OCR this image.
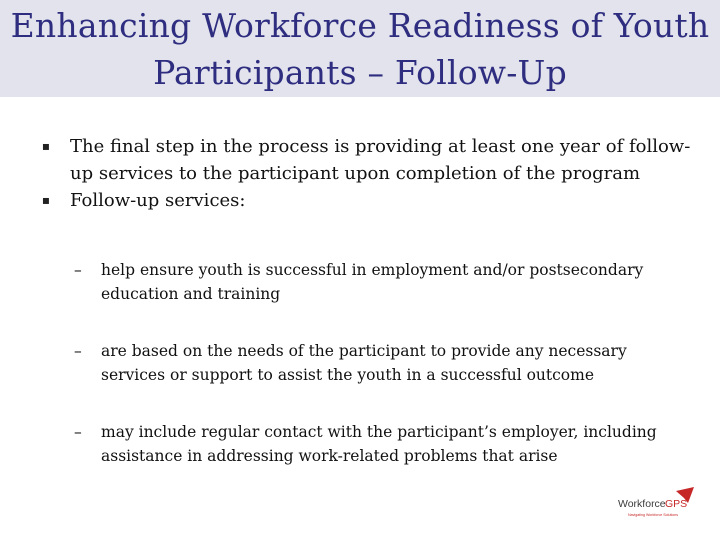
Enhancing Workforce Readiness of Youth Participants – Follow-Up
▪	The final step in the process is providing at least one year of follow-up services to the participant upon completion of the program
▪	Follow-up services:
–	help ensure youth is successful in employment and/or postsecondary education and training
–	are based on the needs of the participant to provide any necessary services or support to assist the youth in a successful outcome
–	may include regular contact with the participant’s employer, including assistance in addressing work-related problems that arise
Workforce GPS
Navigating Workforce Solutions
